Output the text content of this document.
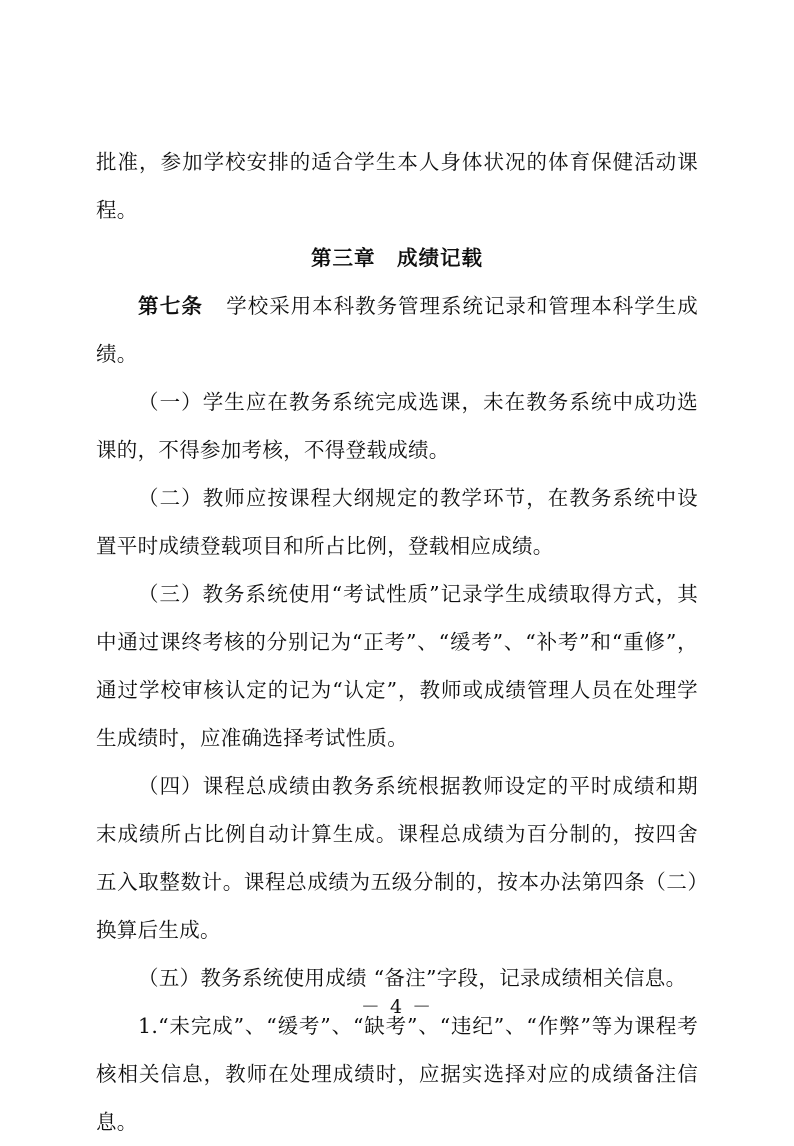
批准，参加学校安排的适合学生本人身体状况的体育保健活动课程。

第三章　成绩记载

第七条 学校采用本科教务管理系统记录和管理本科学生成绩。

（一）学生应在教务系统完成选课，未在教务系统中成功选课的，不得参加考核，不得登载成绩。

（二）教师应按课程大纲规定的教学环节，在教务系统中设置平时成绩登载项目和所占比例，登载相应成绩。

（三）教务系统使用“考试性质”记录学生成绩取得方式，其中通过课终考核的分别记为“正考”、“缓考”、“补考”和“重修”，通过学校审核认定的记为“认定”，教师或成绩管理人员在处理学生成绩时，应准确选择考试性质。

（四）课程总成绩由教务系统根据教师设定的平时成绩和期末成绩所占比例自动计算生成。课程总成绩为百分制的，按四舍五入取整数计。课程总成绩为五级分制的，按本办法第四条（二）换算后生成。

（五）教务系统使用成绩 “备注”字段，记录成绩相关信息。

1.“未完成”、“缓考”、“缺考”、“违纪”、“作弊”等为课程考核相关信息，教师在处理成绩时，应据实选择对应的成绩备注信息。

－ 4 －
